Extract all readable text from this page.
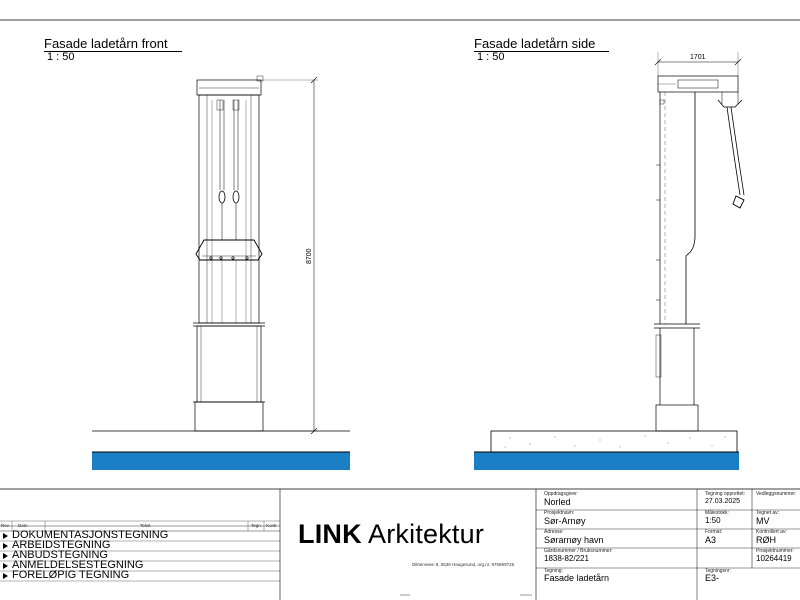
Fasade ladetårn front
1 : 50
Fasade ladetårn side
1 : 50
8700
1701
Rev Dato	Tekst	Tegn Kontr
DOKUMENTASJONSTEGNING
ARBEIDSTEGNING
ANBUDSTEGNING
ANMELDELSESTEGNING
FORELØPIG TEGNING
LINK Arkitektur
Dikterveien 8, 5538 Haugesund, org.nr. 975999726
Oppdragsgiver:
Norled
Tegning opprettet:
27.03.2025
Vedleggsnummer:
Prosjektnavn:
Sør-Arnøy
Målestokk:
1:50
Tegnet av:
MV
Adresse:
Sørarnøy havn
Format:
A3
Kontrollert av:
RØH
Gårdsnummer / Bruksnummer:
1838-82/221
Prosjektnummer:
10264419
Tegning:
Fasade ladetårn
Tegningsnr:
E3-
